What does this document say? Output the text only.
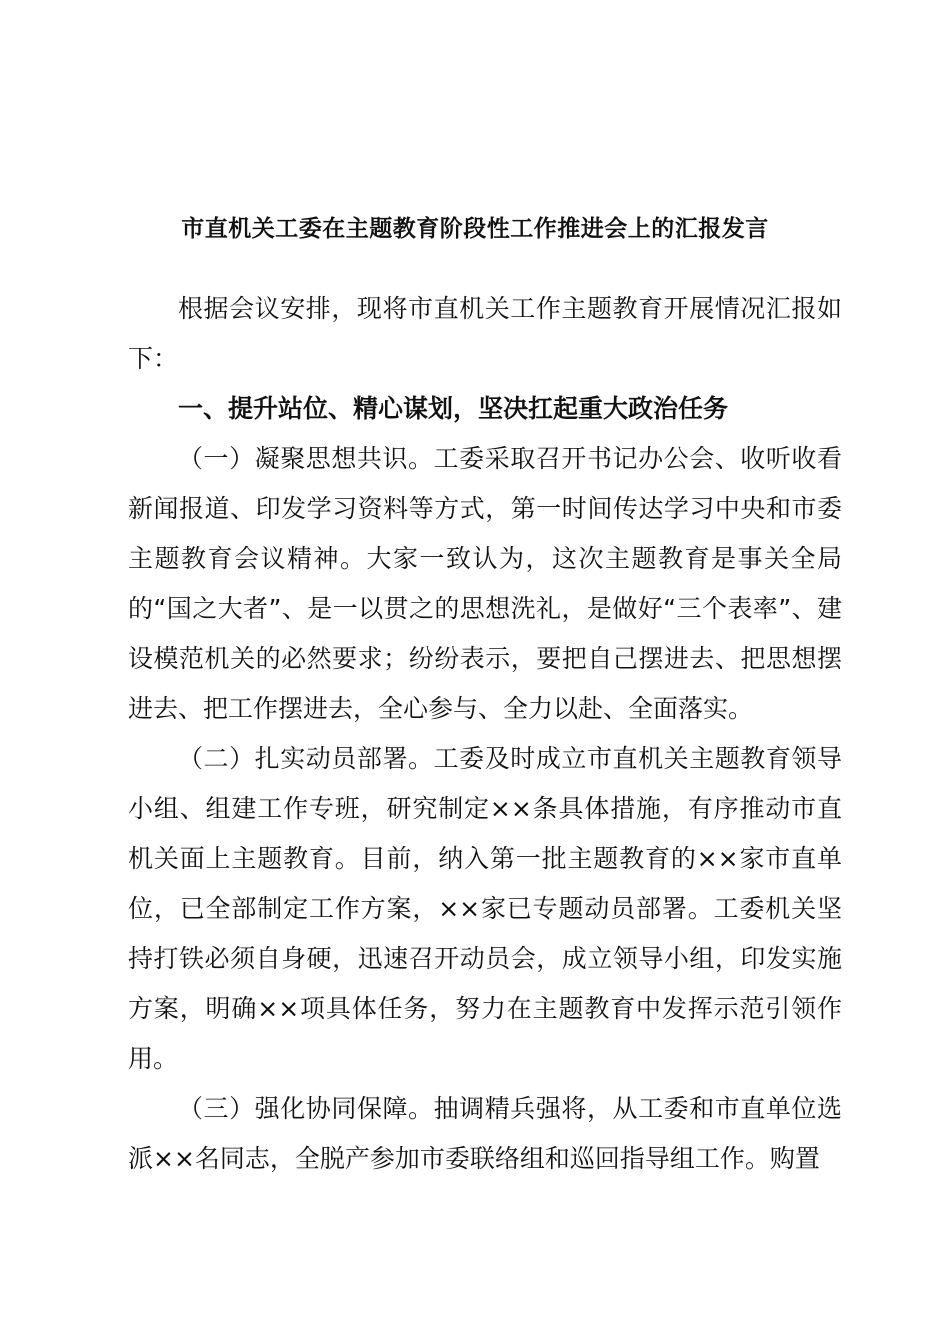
市直机关工委在主题教育阶段性工作推进会上的汇报发言

根据会议安排，现将市直机关工作主题教育开展情况汇报如下：

一、提升站位、精心谋划，坚决扛起重大政治任务

（一）凝聚思想共识。工委采取召开书记办公会、收听收看新闻报道、印发学习资料等方式，第一时间传达学习中央和市委主题教育会议精神。大家一致认为，这次主题教育是事关全局的“国之大者”、是一以贯之的思想洗礼，是做好“三个表率”、建设模范机关的必然要求；纷纷表示，要把自己摆进去、把思想摆进去、把工作摆进去，全心参与、全力以赴、全面落实。

（二）扎实动员部署。工委及时成立市直机关主题教育领导小组、组建工作专班，研究制定××条具体措施，有序推动市直机关面上主题教育。目前，纳入第一批主题教育的××家市直单位，已全部制定工作方案，××家已专题动员部署。工委机关坚持打铁必须自身硬，迅速召开动员会，成立领导小组，印发实施方案，明确××项具体任务，努力在主题教育中发挥示范引领作用。

（三）强化协同保障。抽调精兵强将，从工委和市直单位选派××名同志，全脱产参加市委联络组和巡回指导组工作。购置
